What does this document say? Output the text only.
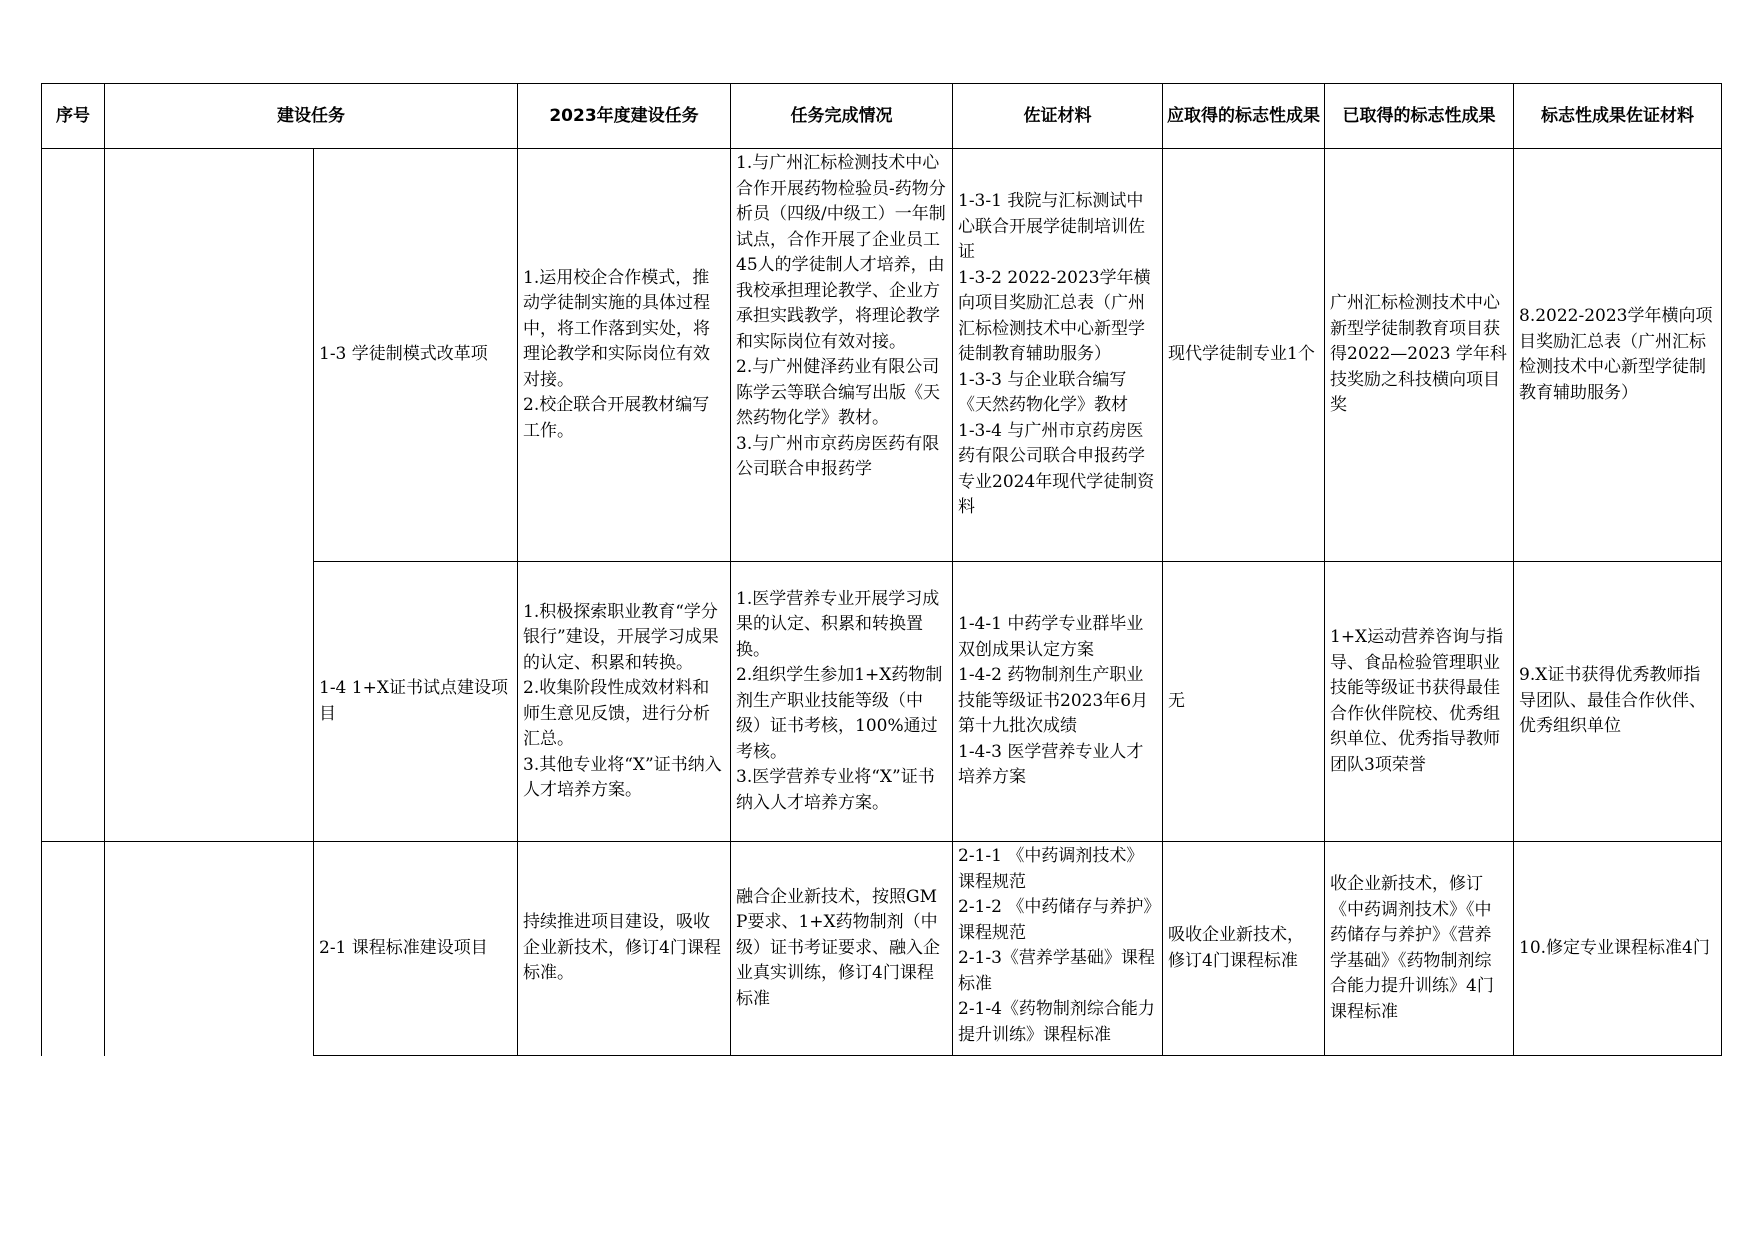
序号	建设任务		2023年度建设任务	任务完成情况	佐证材料	应取得的标志性成果	已取得的标志性成果	标志性成果佐证材料
		1-3 学徒制模式改革项	1.运用校企合作模式，推动学徒制实施的具体过程中，将工作落到实处，将理论教学和实际岗位有效对接。
2.校企联合开展教材编写工作。	1.与广州汇标检测技术中心合作开展药物检验员-药物分析员（四级/中级工）一年制试点，合作开展了企业员工45人的学徒制人才培养，由我校承担理论教学、企业方承担实践教学，将理论教学和实际岗位有效对接。
2.与广州健泽药业有限公司陈学云等联合编写出版《天然药物化学》教材。
3.与广州市京药房医药有限公司联合申报药学	1-3-1 我院与汇标测试中心联合开展学徒制培训佐证
1-3-2 2022-2023学年横向项目奖励汇总表（广州汇标检测技术中心新型学徒制教育辅助服务）
1-3-3 与企业联合编写《天然药物化学》教材
1-3-4 与广州市京药房医药有限公司联合申报药学专业2024年现代学徒制资料	现代学徒制专业1个	广州汇标检测技术中心新型学徒制教育项目获得2022—2023 学年科技奖励之科技横向项目奖	8.2022-2023学年横向项目奖励汇总表（广州汇标检测技术中心新型学徒制教育辅助服务）
		1-4 1+X证书试点建设项目	1.积极探索职业教育“学分银行”建设，开展学习成果的认定、积累和转换。
2.收集阶段性成效材料和师生意见反馈，进行分析汇总。
3.其他专业将“X”证书纳入人才培养方案。	1.医学营养专业开展学习成果的认定、积累和转换置换。
2.组织学生参加1+X药物制剂生产职业技能等级（中级）证书考核，100%通过考核。
3.医学营养专业将“X”证书纳入人才培养方案。	1-4-1 中药学专业群毕业双创成果认定方案
1-4-2 药物制剂生产职业技能等级证书2023年6月第十九批次成绩
1-4-3 医学营养专业人才培养方案	无	1+X运动营养咨询与指导、食品检验管理职业技能等级证书获得最佳合作伙伴院校、优秀组织单位、优秀指导教师团队3项荣誉	9.X证书获得优秀教师指导团队、最佳合作伙伴、优秀组织单位
		2-1 课程标准建设项目	持续推进项目建设，吸收企业新技术，修订4门课程标准。	融合企业新技术，按照GMP要求、1+X药物制剂（中级）证书考证要求、融入企业真实训练，修订4门课程标准	2-1-1 《中药调剂技术》课程规范
2-1-2 《中药储存与养护》课程规范
2-1-3《营养学基础》课程标准
2-1-4《药物制剂综合能力提升训练》课程标准	吸收企业新技术，修订4门课程标准	收企业新技术，修订《中药调剂技术》《中药储存与养护》《营养学基础》《药物制剂综合能力提升训练》4门课程标准	10.修定专业课程标准4门
